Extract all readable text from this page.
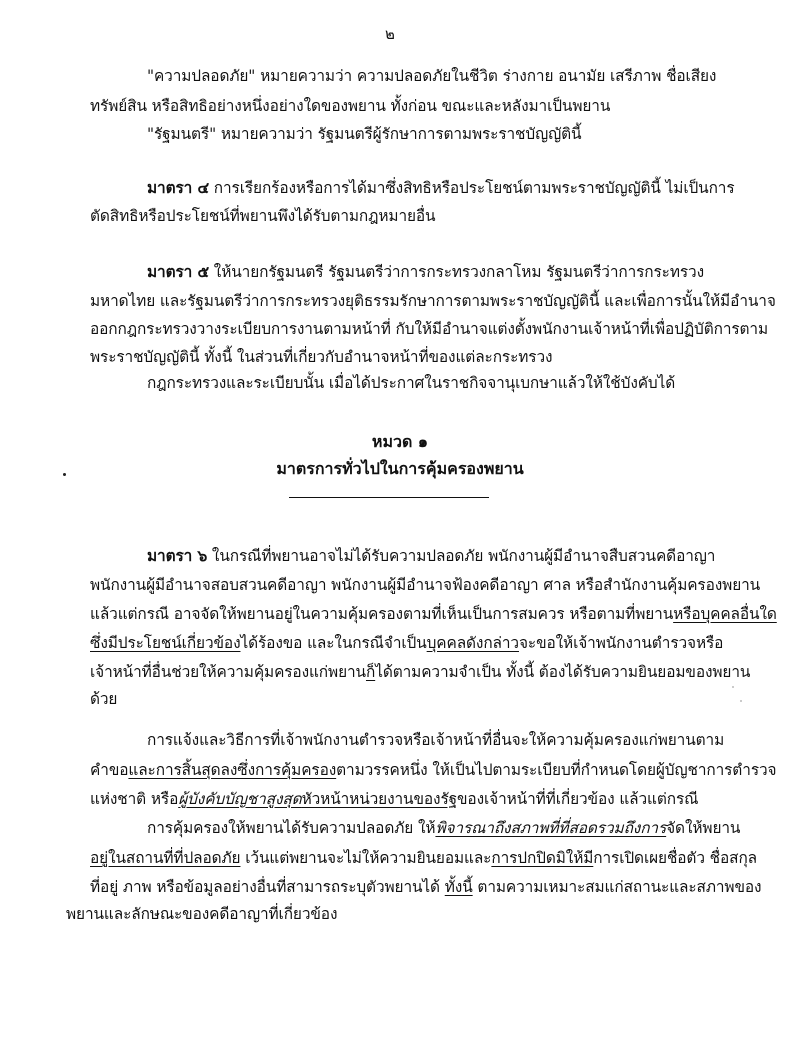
๒
"ความปลอดภัย" หมายความว่า ความปลอดภัยในชีวิต ร่างกาย อนามัย เสรีภาพ ชื่อเสียง
ทรัพย์สิน หรือสิทธิอย่างหนึ่งอย่างใดของพยาน ทั้งก่อน ขณะและหลังมาเป็นพยาน
"รัฐมนตรี" หมายความว่า รัฐมนตรีผู้รักษาการตามพระราชบัญญัตินี้
มาตรา ๔ การเรียกร้องหรือการได้มาซึ่งสิทธิหรือประโยชน์ตามพระราชบัญญัตินี้ ไม่เป็นการ
ตัดสิทธิหรือประโยชน์ที่พยานพึงได้รับตามกฎหมายอื่น
มาตรา ๕ ให้นายกรัฐมนตรี รัฐมนตรีว่าการกระทรวงกลาโหม รัฐมนตรีว่าการกระทรวง
มหาดไทย และรัฐมนตรีว่าการกระทรวงยุติธรรมรักษาการตามพระราชบัญญัตินี้ และเพื่อการนั้นให้มีอำนาจ
ออกกฎกระทรวงวางระเบียบการงานตามหน้าที่ กับให้มีอำนาจแต่งตั้งพนักงานเจ้าหน้าที่เพื่อปฏิบัติการตาม
พระราชบัญญัตินี้ ทั้งนี้ ในส่วนที่เกี่ยวกับอำนาจหน้าที่ของแต่ละกระทรวง
กฎกระทรวงและระเบียบนั้น เมื่อได้ประกาศในราชกิจจานุเบกษาแล้วให้ใช้บังคับได้
หมวด ๑
มาตรการทั่วไปในการคุ้มครองพยาน
มาตรา ๖ ในกรณีที่พยานอาจไม่ได้รับความปลอดภัย พนักงานผู้มีอำนาจสืบสวนคดีอาญา
พนักงานผู้มีอำนาจสอบสวนคดีอาญา พนักงานผู้มีอำนาจฟ้องคดีอาญา ศาล หรือสำนักงานคุ้มครองพยาน
แล้วแต่กรณี อาจจัดให้พยานอยู่ในความคุ้มครองตามที่เห็นเป็นการสมควร หรือตามที่พยานหรือบุคคลอื่นใด
ซึ่งมีประโยชน์เกี่ยวข้องได้ร้องขอ และในกรณีจำเป็นบุคคลดังกล่าวจะขอให้เจ้าพนักงานตำรวจหรือ
เจ้าหน้าที่อื่นช่วยให้ความคุ้มครองแก่พยานก็ได้ตามความจำเป็น ทั้งนี้ ต้องได้รับความยินยอมของพยาน
ด้วย
การแจ้งและวิธีการที่เจ้าพนักงานตำรวจหรือเจ้าหน้าที่อื่นจะให้ความคุ้มครองแก่พยานตาม
คำขอและการสิ้นสุดลงซึ่งการคุ้มครองตามวรรคหนึ่ง ให้เป็นไปตามระเบียบที่กำหนดโดยผู้บัญชาการตำรวจ
แห่งชาติ หรือผู้บังคับบัญชาสูงสุดหัวหน้าหน่วยงานของรัฐของเจ้าหน้าที่ที่เกี่ยวข้อง แล้วแต่กรณี
การคุ้มครองให้พยานได้รับความปลอดภัย ให้พิจารณาถึงสภาพที่ที่สอดรวมถึงการจัดให้พยาน
อยู่ในสถานที่ที่ปลอดภัย เว้นแต่พยานจะไม่ให้ความยินยอมและการปกปิดมิให้มีการเปิดเผยชื่อตัว ชื่อสกุล
ที่อยู่ ภาพ หรือข้อมูลอย่างอื่นที่สามารถระบุตัวพยานได้ ทั้งนี้ ตามความเหมาะสมแก่สถานะและสภาพของ
พยานและลักษณะของคดีอาญาที่เกี่ยวข้อง
